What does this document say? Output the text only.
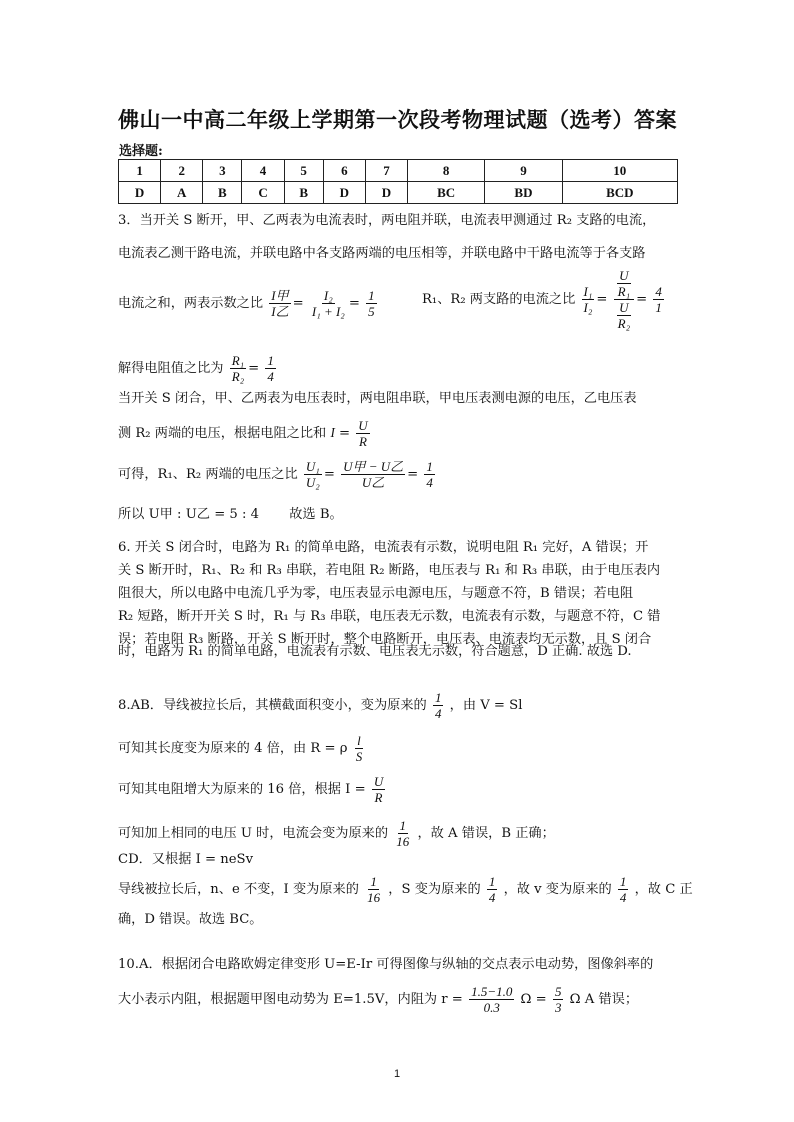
佛山一中高二年级上学期第一次段考物理试题（选考）答案
选择题:
1	2	3	4	5	6	7	8	9	10
D	A	B	C	B	D	D	BC	BD	BCD
3．当开关 S 断开，甲、乙两表为电流表时，两电阻并联，电流表甲测通过 R₂ 支路的电流，
电流表乙测干路电流，并联电路中各支路两端的电压相等，并联电路中干路电流等于各支路
电流之和，两表示数之比 $\frac{\text{I甲}}{\text{I乙}} = \frac{\text{I₂}}{\text{I₁ + I₂}} = \frac{1}{5}$	R₁、R₂ 两支路的电流之比 $\frac{\text{I₁}}{\text{I₂}} = \frac{\frac{U}{\text{R₁}}}{\frac{U}{\text{R₂}}} = \frac{4}{1}$
解得电阻值之比为 $\frac{\text{R₁}}{\text{R₂}} = \frac{1}{4}$
当开关 S 闭合，甲、乙两表为电压表时，两电阻串联，甲电压表测电源的电压，乙电压表
测 R₂ 两端的电压，根据电阻之比和 $I = \frac{U}{R}$
可得，R₁、R₂ 两端的电压之比 $\frac{\text{U₁}}{\text{U₂}} = \frac{\text{U甲 − U乙}}{\text{U乙}} = \frac{1}{4}$
所以 U甲 : U乙 = 5 : 4 故选 B。
6. 开关 S 闭合时，电路为 R₁ 的简单电路，电流表有示数，说明电阻 R₁ 完好，A 错误；开
关 S 断开时，R₁、R₂ 和 R₃ 串联，若电阻 R₂ 断路，电压表与 R₁ 和 R₃ 串联，由于电压表内
阻很大，所以电路中电流几乎为零，电压表显示电源电压，与题意不符，B 错误；若电阻
R₂ 短路，断开开关 S 时，R₁ 与 R₃ 串联，电压表无示数，电流表有示数，与题意不符，C 错
误；若电阻 R₃ 断路，开关 S 断开时，整个电路断开，电压表、电流表均无示数，且 S 闭合
时，电路为 R₁ 的简单电路，电流表有示数、电压表无示数，符合题意，D 正确. 故选 D.
8.AB．导线被拉长后，其横截面积变小，变为原来的 $\frac{1}{4}$ ，由 V = Sl
可知其长度变为原来的 4 倍，由 R = ρ $\frac{l}{S}$
可知其电阻增大为原来的 16 倍，根据 $I = \frac{U}{R}$
可知加上相同的电压 U 时，电流会变为原来的 $\frac{1}{16}$ ，故 A 错误，B 正确；
CD．又根据 I = neSv
导线被拉长后，n、e 不变，I 变为原来的 $\frac{1}{16}$ ，S 变为原来的 $\frac{1}{4}$ ，故 v 变为原来的 $\frac{1}{4}$ ，故 C 正
确，D 错误。故选 BC。
10.A．根据闭合电路欧姆定律变形 U=E-Ir 可得图像与纵轴的交点表示电动势，图像斜率的
大小表示内阻，根据题甲图电动势为 E=1.5V，内阻为 $r = \frac{1.5-1.0}{0.3}$ $\Omega = \frac{5}{3}$ Ω A 错误；
1
